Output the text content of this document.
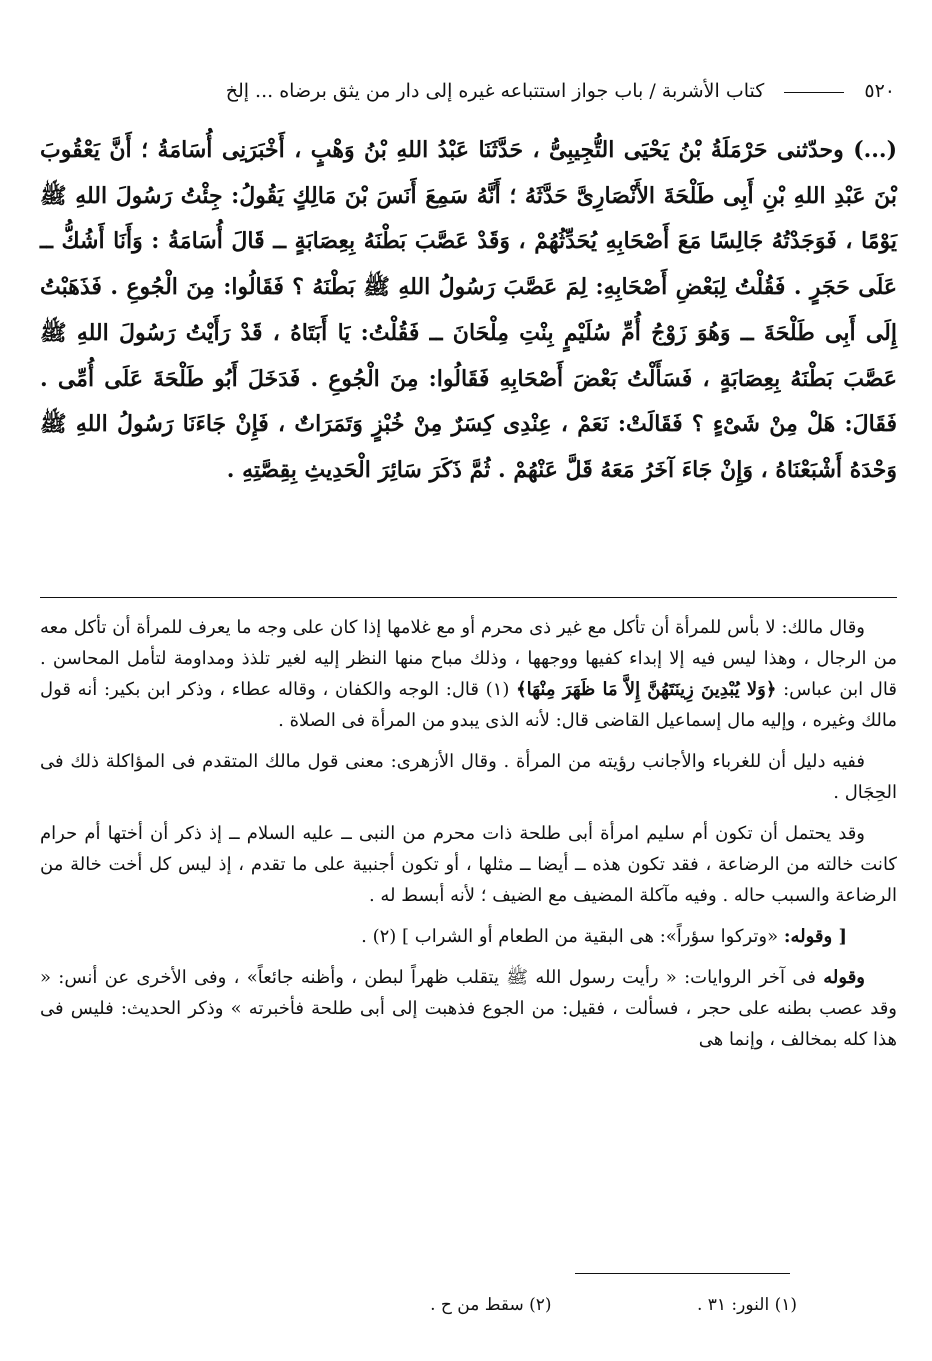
٥٢٠  كتاب الأشربة / باب جواز استتباعه غيره إلى دار من يثق برضاه ... إلخ

(...) وحدّثنى حَرْمَلَةُ بْنُ يَحْيَى التُّجِيبِىُّ ، حَدَّثَنَا عَبْدُ اللهِ بْنُ وَهْبٍ ، أَخْبَرَنِى أُسَامَةُ ؛ أَنَّ يَعْقُوبَ بْنَ عَبْدِ اللهِ بْنِ أَبِى طَلْحَةَ الأَنْصَارِىَّ حَدَّثَهُ ؛ أَنَّهُ سَمِعَ أَنَسَ بْنَ مَالِكٍ يَقُولُ: جِئْتُ رَسُولَ اللهِ ﷺ يَوْمًا ، فَوَجَدْتُهُ جَالِسًا مَعَ أَصْحَابِهِ يُحَدِّثُهُمْ ، وَقَدْ عَصَّبَ بَطْنَهُ بِعِصَابَةٍ ــ قَالَ أُسَامَةُ : وَأَنَا أَشُكُّ ــ عَلَى حَجَرٍ . فَقُلْتُ لِبَعْضِ أَصْحَابِهِ: لِمَ عَصَّبَ رَسُولُ اللهِ ﷺ بَطْنَهُ ؟ فَقَالُوا: مِنَ الْجُوعِ . فَذَهَبْتُ إِلَى أَبِى طَلْحَةَ ــ وَهُوَ زَوْجُ أُمِّ سُلَيْمٍ بِنْتِ مِلْحَانَ ــ فَقُلْتُ: يَا أَبَتَاهُ ، قَدْ رَأَيْتُ رَسُولَ اللهِ ﷺ عَصَّبَ بَطْنَهُ بِعِصَابَةٍ ، فَسَأَلْتُ بَعْضَ أَصْحَابِهِ فَقَالُوا: مِنَ الْجُوعِ . فَدَخَلَ أَبُو طَلْحَةَ عَلَى أُمِّى . فَقَالَ: هَلْ مِنْ شَىْءٍ ؟ فَقَالَتْ: نَعَمْ ، عِنْدِى كِسَرٌ مِنْ خُبْزٍ وَتَمَرَاتٌ ، فَإِنْ جَاءَنَا رَسُولُ اللهِ ﷺ وَحْدَهُ أَشْبَعْنَاهُ ، وَإِنْ جَاءَ آخَرُ مَعَهُ قَلَّ عَنْهُمْ . ثُمَّ ذَكَرَ سَائِرَ الْحَدِيثِ بِقِصَّتِهِ .

وقال مالك: لا بأس للمرأة أن تأكل مع غير ذى محرم أو مع غلامها إذا كان على وجه ما يعرف للمرأة أن تأكل معه من الرجال ، وهذا ليس فيه إلا إبداء كفيها ووجهها ، وذلك مباح منها النظر إليه لغير تلذذ ومداومة لتأمل المحاسن . قال ابن عباس: ﴿وَلا يُبْدِينَ زِينَتَهُنَّ إِلاَّ مَا ظَهَرَ مِنْهَا﴾ (١) قال: الوجه والكفان ، وقاله عطاء ، وذكر ابن بكير: أنه قول مالك وغيره ، وإليه مال إسماعيل القاضى قال: لأنه الذى يبدو من المرأة فى الصلاة .

ففيه دليل أن للغرباء والأجانب رؤيته من المرأة . وقال الأزهرى: معنى قول مالك المتقدم فى المؤاكلة ذلك فى الحِجَال .

وقد يحتمل أن تكون أم سليم امرأة أبى طلحة ذات محرم من النبى ــ عليه السلام ــ إذ ذكر أن أختها أم حرام كانت خالته من الرضاعة ، فقد تكون هذه ــ أيضا ــ مثلها ، أو تكون أجنبية على ما تقدم ، إذ ليس كل أخت خالة من الرضاعة والسبب حاله . وفيه مآكلة المضيف مع الضيف ؛ لأنه أبسط له .

[ وقوله: «وتركوا سؤراً»: هى البقية من الطعام أو الشراب ] (٢) .

وقوله فى آخر الروايات: « رأيت رسول الله ﷺ يتقلب ظهراً لبطن ، وأظنه جائعاً» ، وفى الأخرى عن أنس: « وقد عصب بطنه على حجر ، فسألت ، فقيل: من الجوع فذهبت إلى أبى طلحة فأخبرته » وذكر الحديث: فليس فى هذا كله بمخالف ، وإنما هى

(١) النور: ٣١ . (٢) سقط من ح .
